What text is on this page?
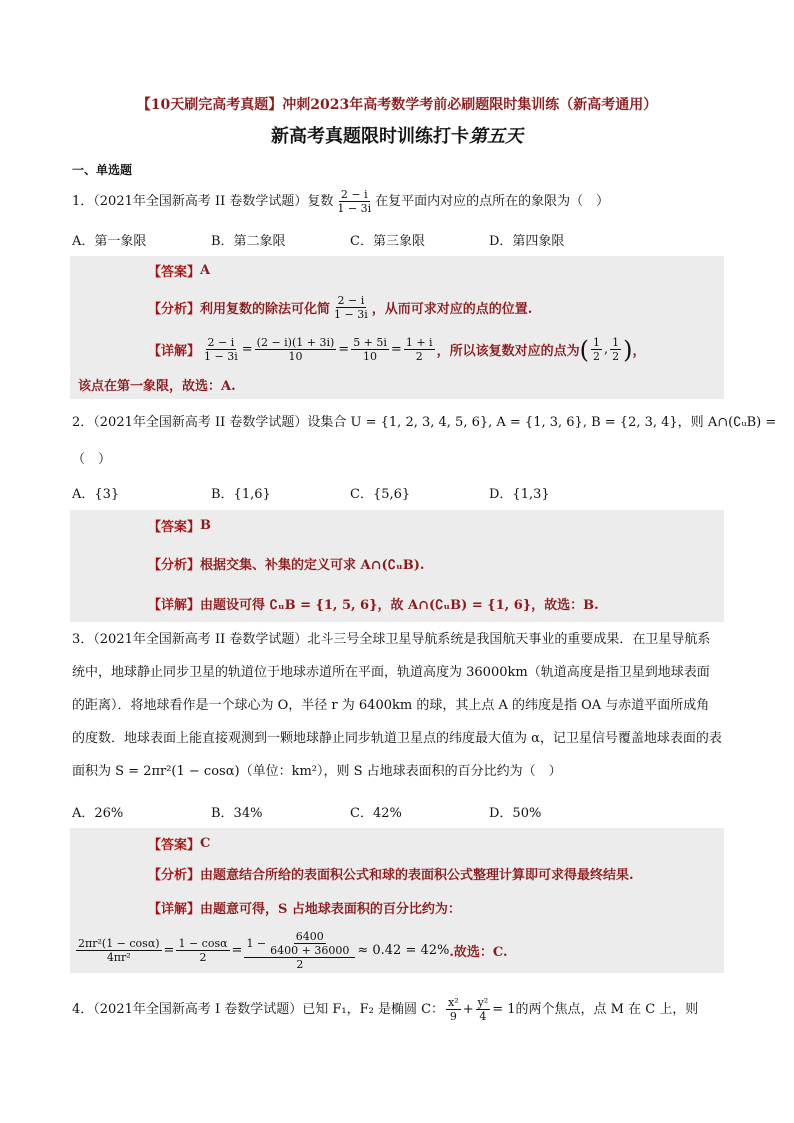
【10天刷完高考真题】冲刺2023年高考数学考前必刷题限时集训练（新高考通用）
新高考真题限时训练打卡第五天
一、单选题
1．（2021年全国新高考 II 卷数学试题）复数 $\frac{2 - i}{1 - 3i}$ 在复平面内对应的点所在的象限为（　）
A．第一象限	B．第二象限	C．第三象限	D．第四象限
【答案】 A
【分析】 利用复数的除法可化简 $\frac{2 - i}{1 - 3i}$ ，从而可求对应的点的位置.
【详解】 $\frac{2 - i}{1 - 3i} = \frac{(2 - i)(1 + 3i)}{10} = \frac{5 + 5i}{10} = \frac{1 + i}{2}$ ，所以该复数对应的点为 ( $\frac{1}{2}$ , $\frac{1}{2}$ ) ，
该点在第一象限，故选：A.
2．（2021年全国新高考 II 卷数学试题）设集合 U = {1, 2, 3, 4, 5, 6}, A = {1, 3, 6}, B = {2, 3, 4}，则 A∩(∁ᵤB) =
（　）
A．{3}	B．{1,6}	C．{5,6}	D．{1,3}
【答案】 B
【分析】 根据交集、补集的定义可求 A∩(∁ᵤB).
【详解】 由题设可得 ∁ᵤB = {1, 5, 6}，故 A∩(∁ᵤB) = {1, 6}，故选：B.
3．（2021年全国新高考 II 卷数学试题）北斗三号全球卫星导航系统是我国航天事业的重要成果．在卫星导航系统中，地球静止同步卫星的轨道位于地球赤道所在平面，轨道高度为 36000km（轨道高度是指卫星到地球表面的距离）．将地球看作是一个球心为 O，半径 r 为 6400km 的球，其上点 A 的纬度是指 OA 与赤道平面所成角的度数．地球表面上能直接观测到一颗地球静止同步轨道卫星点的纬度最大值为 α，记卫星信号覆盖地球表面的表面积为 S = 2πr²(1 − cosα)（单位：km²），则 S 占地球表面积的百分比约为（　）
A．26%	B．34%	C．42%	D．50%
【答案】 C
【分析】 由题意结合所给的表面积公式和球的表面积公式整理计算即可求得最终结果.
【详解】 由题意可得，S 占地球表面积的百分比约为：
$\frac{\text{2πr²(1 − cosα)}}{\text{4πr²}} = \frac{1 - \cos\alpha}{2} = \frac{1 - \frac{6400}{6400 + 36000}}{2} \approx 0.42 = 42\%$ .故选：C.
4．（2021年全国新高考 I 卷数学试题）已知 F₁，F₂ 是椭圆 C： $\frac{\text{x²}}{9} + \frac{\text{y²}}{4} = 1$ 的两个焦点，点 M 在 C 上，则
